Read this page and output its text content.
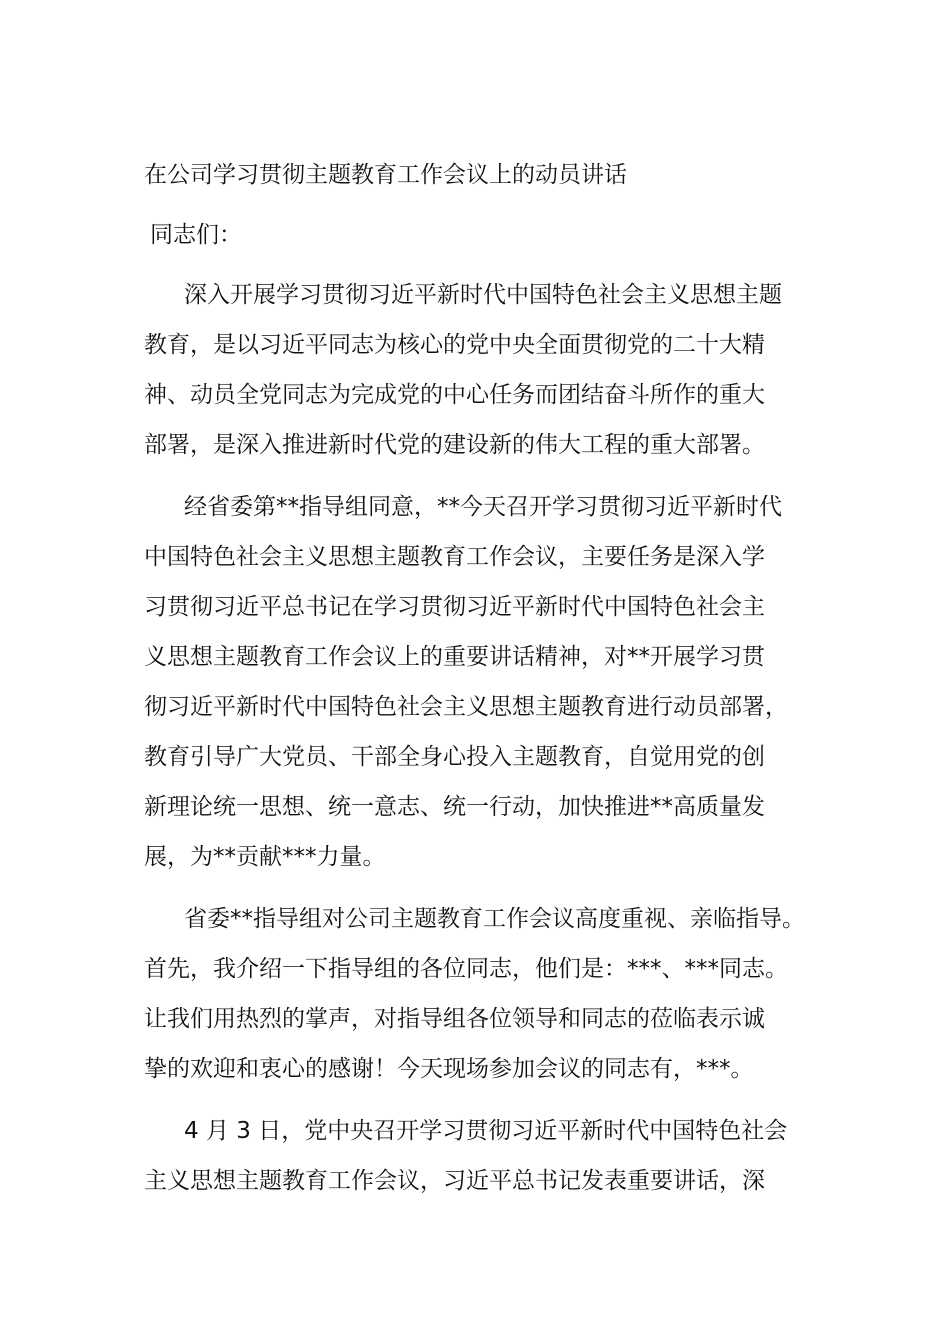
在公司学习贯彻主题教育工作会议上的动员讲话
同志们：
深入开展学习贯彻习近平新时代中国特色社会主义思想主题
教育，是以习近平同志为核心的党中央全面贯彻党的二十大精
神、动员全党同志为完成党的中心任务而团结奋斗所作的重大
部署，是深入推进新时代党的建设新的伟大工程的重大部署。
经省委第**指导组同意，**今天召开学习贯彻习近平新时代
中国特色社会主义思想主题教育工作会议，主要任务是深入学
习贯彻习近平总书记在学习贯彻习近平新时代中国特色社会主
义思想主题教育工作会议上的重要讲话精神，对**开展学习贯
彻习近平新时代中国特色社会主义思想主题教育进行动员部署，
教育引导广大党员、干部全身心投入主题教育，自觉用党的创
新理论统一思想、统一意志、统一行动，加快推进**高质量发
展，为**贡献***力量。
省委**指导组对公司主题教育工作会议高度重视、亲临指导。
首先，我介绍一下指导组的各位同志，他们是：***、***同志。
让我们用热烈的掌声，对指导组各位领导和同志的莅临表示诚
挚的欢迎和衷心的感谢！今天现场参加会议的同志有，***。
4 月 3 日，党中央召开学习贯彻习近平新时代中国特色社会
主义思想主题教育工作会议，习近平总书记发表重要讲话，深
